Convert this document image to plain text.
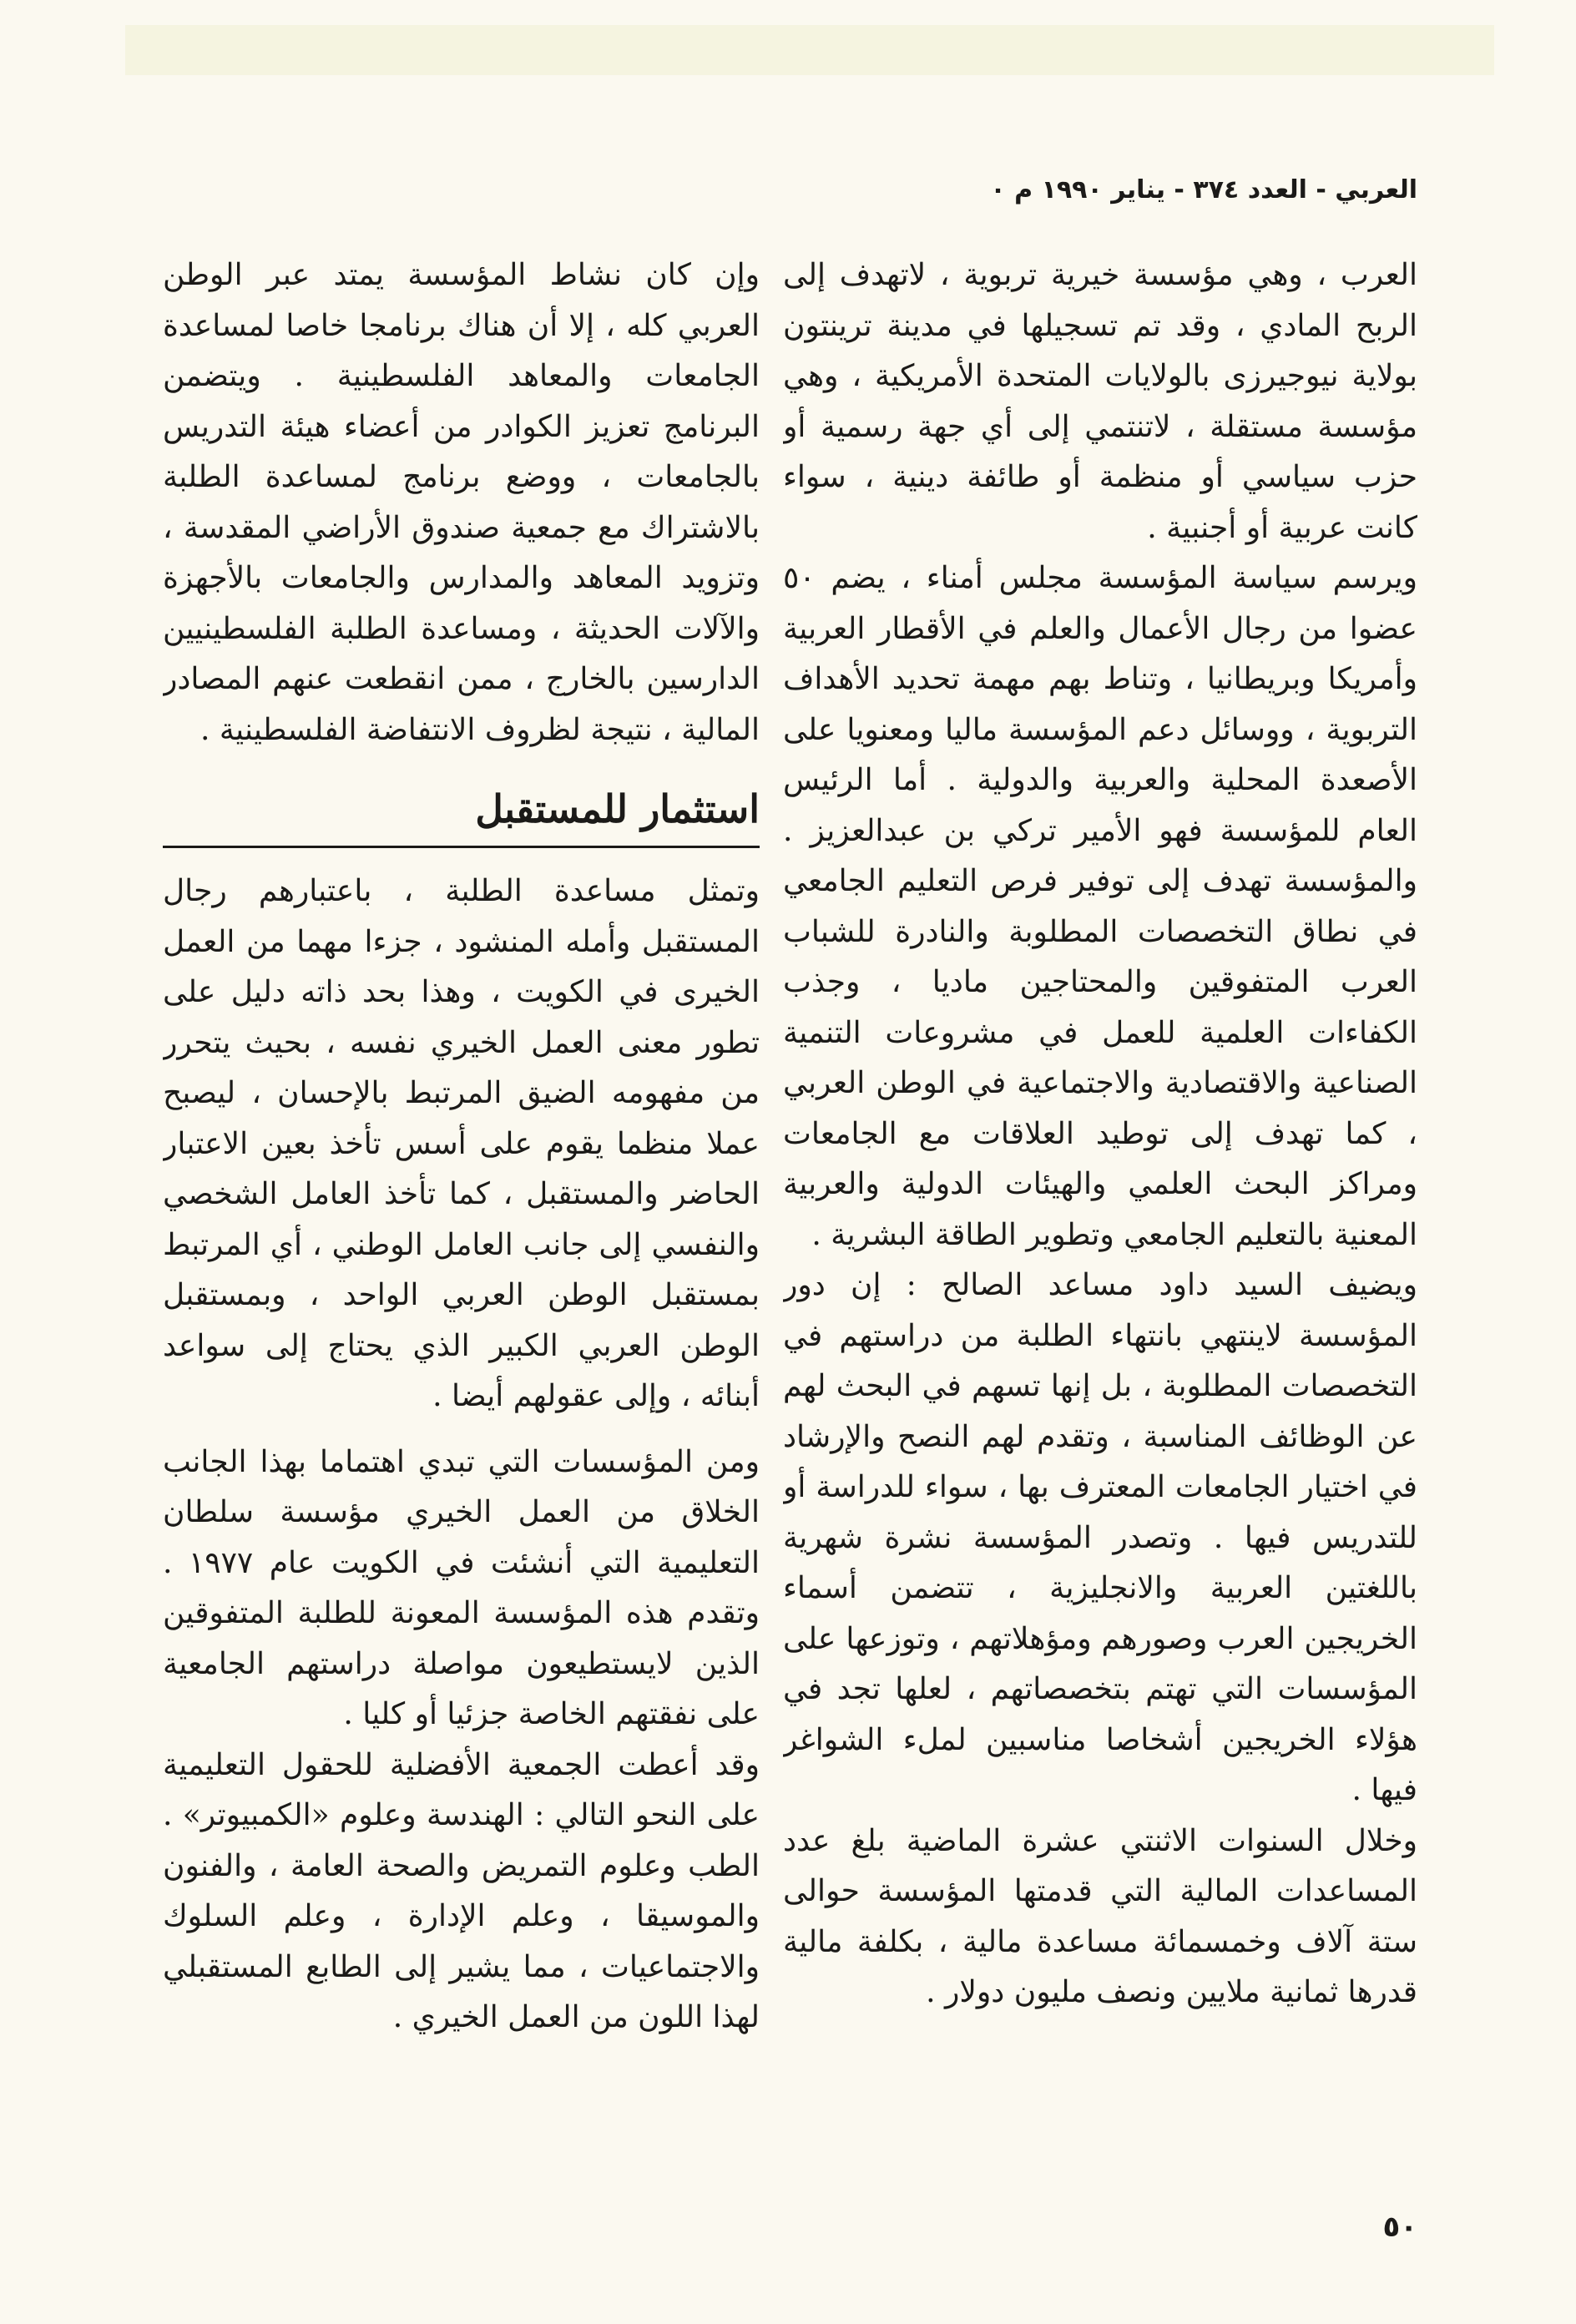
العربي - العدد ٣٧٤ - يناير ١٩٩٠ م ٠

العرب ، وهي مؤسسة خيرية تربوية ، لاتهدف إلى الربح المادي ، وقد تم تسجيلها في مدينة ترينتون بولاية نيوجيرزى بالولايات المتحدة الأمريكية ، وهي مؤسسة مستقلة ، لاتنتمي إلى أي جهة رسمية أو حزب سياسي أو منظمة أو طائفة دينية ، سواء كانت عربية أو أجنبية .

ويرسم سياسة المؤسسة مجلس أمناء ، يضم ٥٠ عضوا من رجال الأعمال والعلم في الأقطار العربية وأمريكا وبريطانيا ، وتناط بهم مهمة تحديد الأهداف التربوية ، ووسائل دعم المؤسسة ماليا ومعنويا على الأصعدة المحلية والعربية والدولية . أما الرئيس العام للمؤسسة فهو الأمير تركي بن عبدالعزيز . والمؤسسة تهدف إلى توفير فرص التعليم الجامعي في نطاق التخصصات المطلوبة والنادرة للشباب العرب المتفوقين والمحتاجين ماديا ، وجذب الكفاءات العلمية للعمل في مشروعات التنمية الصناعية والاقتصادية والاجتماعية في الوطن العربي ، كما تهدف إلى توطيد العلاقات مع الجامعات ومراكز البحث العلمي والهيئات الدولية والعربية المعنية بالتعليم الجامعي وتطوير الطاقة البشرية .

ويضيف السيد داود مساعد الصالح : إن دور المؤسسة لاينتهي بانتهاء الطلبة من دراستهم في التخصصات المطلوبة ، بل إنها تسهم في البحث لهم عن الوظائف المناسبة ، وتقدم لهم النصح والإرشاد في اختيار الجامعات المعترف بها ، سواء للدراسة أو للتدريس فيها . وتصدر المؤسسة نشرة شهرية باللغتين العربية والانجليزية ، تتضمن أسماء الخريجين العرب وصورهم ومؤهلاتهم ، وتوزعها على المؤسسات التي تهتم بتخصصاتهم ، لعلها تجد في هؤلاء الخريجين أشخاصا مناسبين لملء الشواغر فيها .

وخلال السنوات الاثنتي عشرة الماضية بلغ عدد المساعدات المالية التي قدمتها المؤسسة حوالى ستة آلاف وخمسمائة مساعدة مالية ، بكلفة مالية قدرها ثمانية ملايين ونصف مليون دولار .

وإن كان نشاط المؤسسة يمتد عبر الوطن العربي كله ، إلا أن هناك برنامجا خاصا لمساعدة الجامعات والمعاهد الفلسطينية . ويتضمن البرنامج تعزيز الكوادر من أعضاء هيئة التدريس بالجامعات ، ووضع برنامج لمساعدة الطلبة بالاشتراك مع جمعية صندوق الأراضي المقدسة ، وتزويد المعاهد والمدارس والجامعات بالأجهزة والآلات الحديثة ، ومساعدة الطلبة الفلسطينيين الدارسين بالخارج ، ممن انقطعت عنهم المصادر المالية ، نتيجة لظروف الانتفاضة الفلسطينية .

استثمار للمستقبل

وتمثل مساعدة الطلبة ، باعتبارهم رجال المستقبل وأمله المنشود ، جزءا مهما من العمل الخيرى في الكويت ، وهذا بحد ذاته دليل على تطور معنى العمل الخيري نفسه ، بحيث يتحرر من مفهومه الضيق المرتبط بالإحسان ، ليصبح عملا منظما يقوم على أسس تأخذ بعين الاعتبار الحاضر والمستقبل ، كما تأخذ العامل الشخصي والنفسي إلى جانب العامل الوطني ، أي المرتبط بمستقبل الوطن العربي الواحد ، وبمستقبل الوطن العربي الكبير الذي يحتاج إلى سواعد أبنائه ، وإلى عقولهم أيضا .

ومن المؤسسات التي تبدي اهتماما بهذا الجانب الخلاق من العمل الخيري مؤسسة سلطان التعليمية التي أنشئت في الكويت عام ١٩٧٧ . وتقدم هذه المؤسسة المعونة للطلبة المتفوقين الذين لايستطيعون مواصلة دراستهم الجامعية على نفقتهم الخاصة جزئيا أو كليا .

وقد أعطت الجمعية الأفضلية للحقول التعليمية على النحو التالي : الهندسة وعلوم «الكمبيوتر» . الطب وعلوم التمريض والصحة العامة ، والفنون والموسيقا ، وعلم الإدارة ، وعلم السلوك والاجتماعيات ، مما يشير إلى الطابع المستقبلي لهذا اللون من العمل الخيري .

٥٠
